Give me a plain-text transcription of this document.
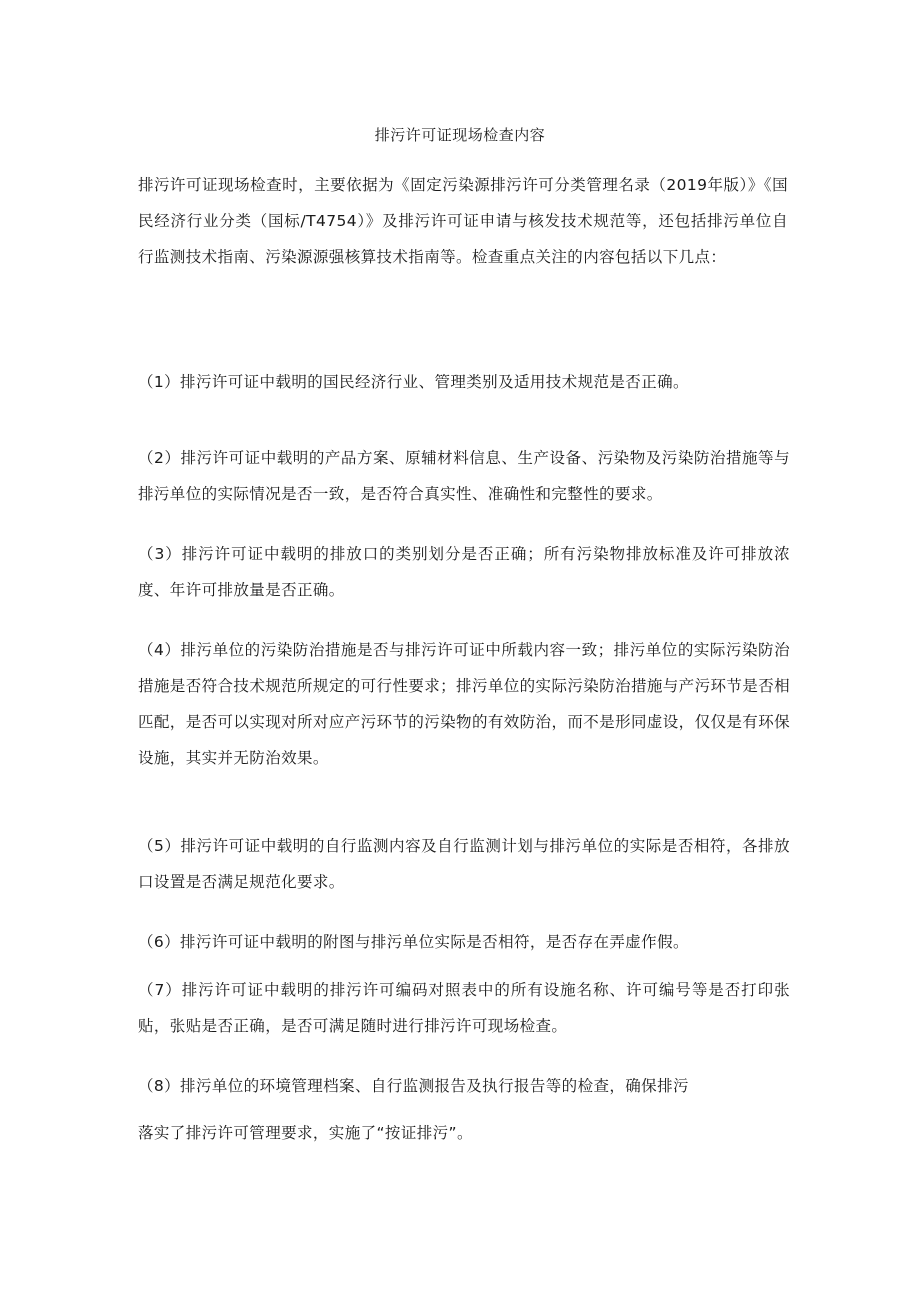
排污许可证现场检查内容

排污许可证现场检查时，主要依据为《固定污染源排污许可分类管理名录（2019年版）》《国民经济行业分类（国标/T4754）》及排污许可证申请与核发技术规范等，还包括排污单位自行监测技术指南、污染源源强核算技术指南等。检查重点关注的内容包括以下几点：

（1）排污许可证中载明的国民经济行业、管理类别及适用技术规范是否正确。

（2）排污许可证中载明的产品方案、原辅材料信息、生产设备、污染物及污染防治措施等与排污单位的实际情况是否一致，是否符合真实性、准确性和完整性的要求。

（3）排污许可证中载明的排放口的类别划分是否正确；所有污染物排放标准及许可排放浓度、年许可排放量是否正确。

（4）排污单位的污染防治措施是否与排污许可证中所载内容一致；排污单位的实际污染防治措施是否符合技术规范所规定的可行性要求；排污单位的实际污染防治措施与产污环节是否相匹配，是否可以实现对所对应产污环节的污染物的有效防治，而不是形同虚设，仅仅是有环保设施，其实并无防治效果。

（5）排污许可证中载明的自行监测内容及自行监测计划与排污单位的实际是否相符，各排放口设置是否满足规范化要求。

（6）排污许可证中载明的附图与排污单位实际是否相符，是否存在弄虚作假。

（7）排污许可证中载明的排污许可编码对照表中的所有设施名称、许可编号等是否打印张贴，张贴是否正确，是否可满足随时进行排污许可现场检查。

（8）排污单位的环境管理档案、自行监测报告及执行报告等的检查，确保排污

落实了排污许可管理要求，实施了“按证排污”。
